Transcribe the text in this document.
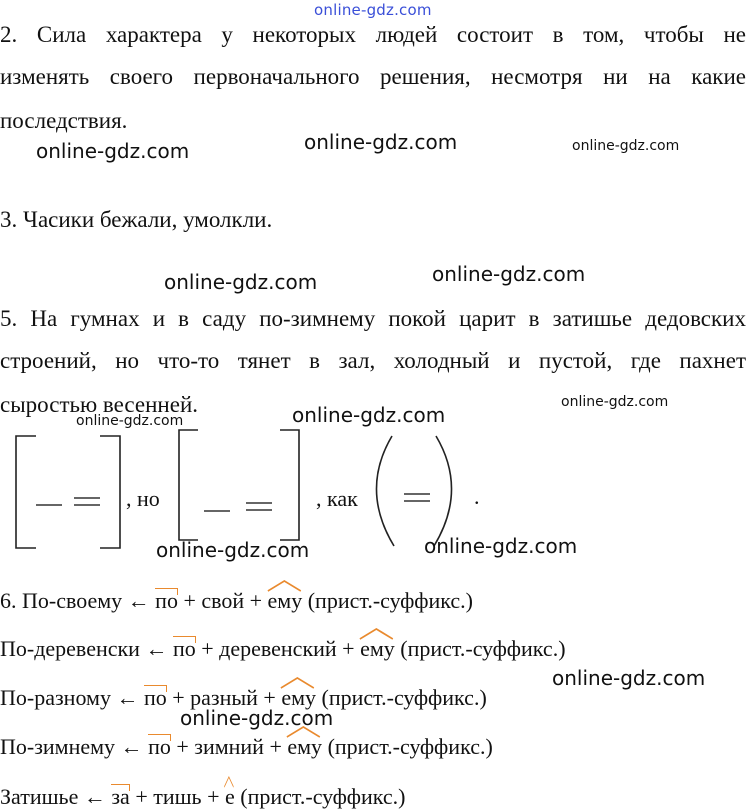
online-gdz.com
2. Сила характера у некоторых людей состоит в том, чтобы не
изменять своего первоначального решения, несмотря ни на какие
последствия.
online-gdz.com	online-gdz.com	online-gdz.com
3. Часики бежали, умолкли.
online-gdz.com
online-gdz.com
5. На гумнах и в саду по-зимнему покой царит в затишье дедовских
строений, но что-то тянет в зал, холодный и пустой, где пахнет
сыростью весенней.	online-gdz.com
online-gdz.com
online-gdz.com
, но	, как	.
online-gdz.com	online-gdz.com
6. По-своему ←
по + свой +
ему (прист.-суффикс.)
По-деревенски ←
по + деревенский +
ему (прист.-суффикс.)
online-gdz.com
По-разному ←
по + разный +
ему (прист.-суффикс.)
online-gdz.com
По-зимнему ←
по + зимний +
ему (прист.-суффикс.)
Затишье ←
за + тишь +
е (прист.-суффикс.)
